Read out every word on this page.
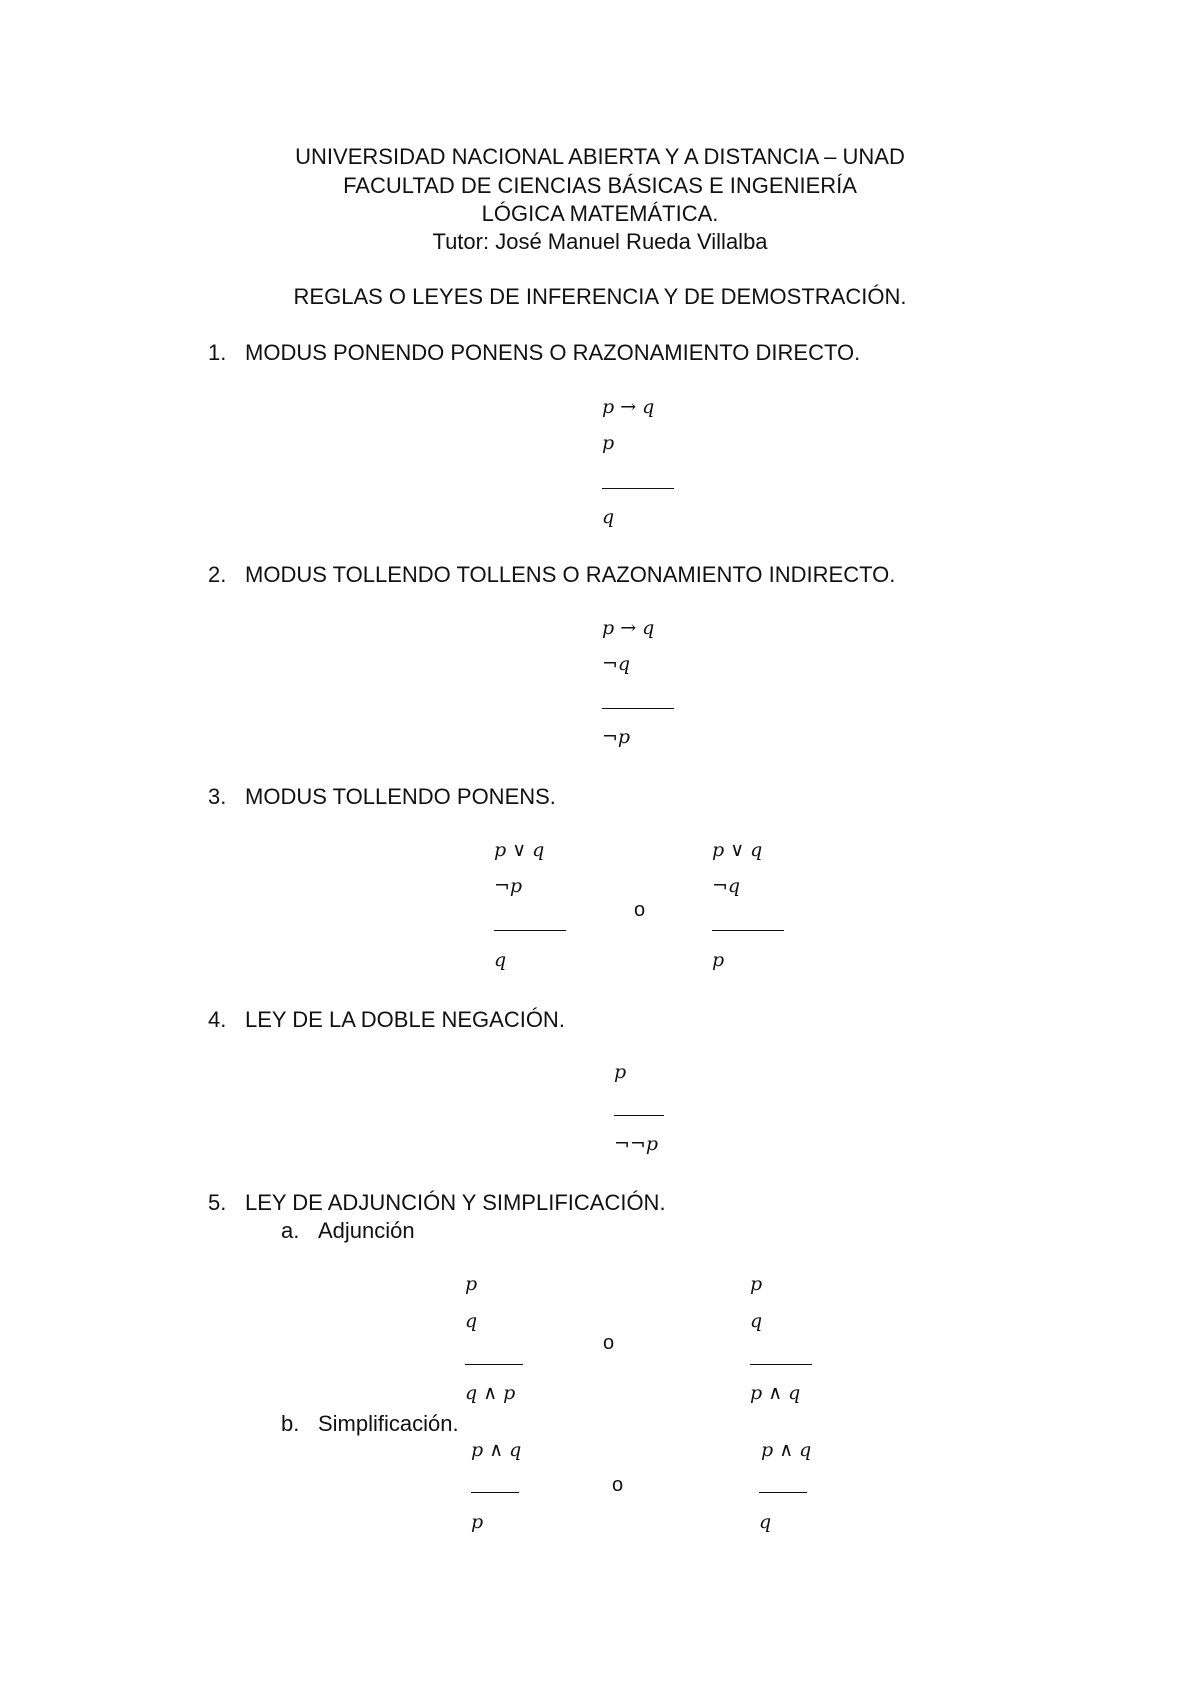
UNIVERSIDAD NACIONAL ABIERTA Y A DISTANCIA – UNAD
FACULTAD DE CIENCIAS BÁSICAS E INGENIERÍA
LÓGICA MATEMÁTICA.
Tutor: José Manuel Rueda Villalba
REGLAS O LEYES DE INFERENCIA Y DE DEMOSTRACIÓN.
1. MODUS PONENDO PONENS O RAZONAMIENTO DIRECTO.
p → q
p
q
2. MODUS TOLLENDO TOLLENS O RAZONAMIENTO INDIRECTO.
p → q
¬q
¬p
3. MODUS TOLLENDO PONENS.
p ∨ q
¬p
q
o
p ∨ q
¬q
p
4. LEY DE LA DOBLE NEGACIÓN.
p
¬¬p
5. LEY DE ADJUNCIÓN Y SIMPLIFICACIÓN.
a. Adjunción
p
q
q ∧ p
o
p
q
p ∧ q
b. Simplificación.
p ∧ q
p
o
p ∧ q
q
